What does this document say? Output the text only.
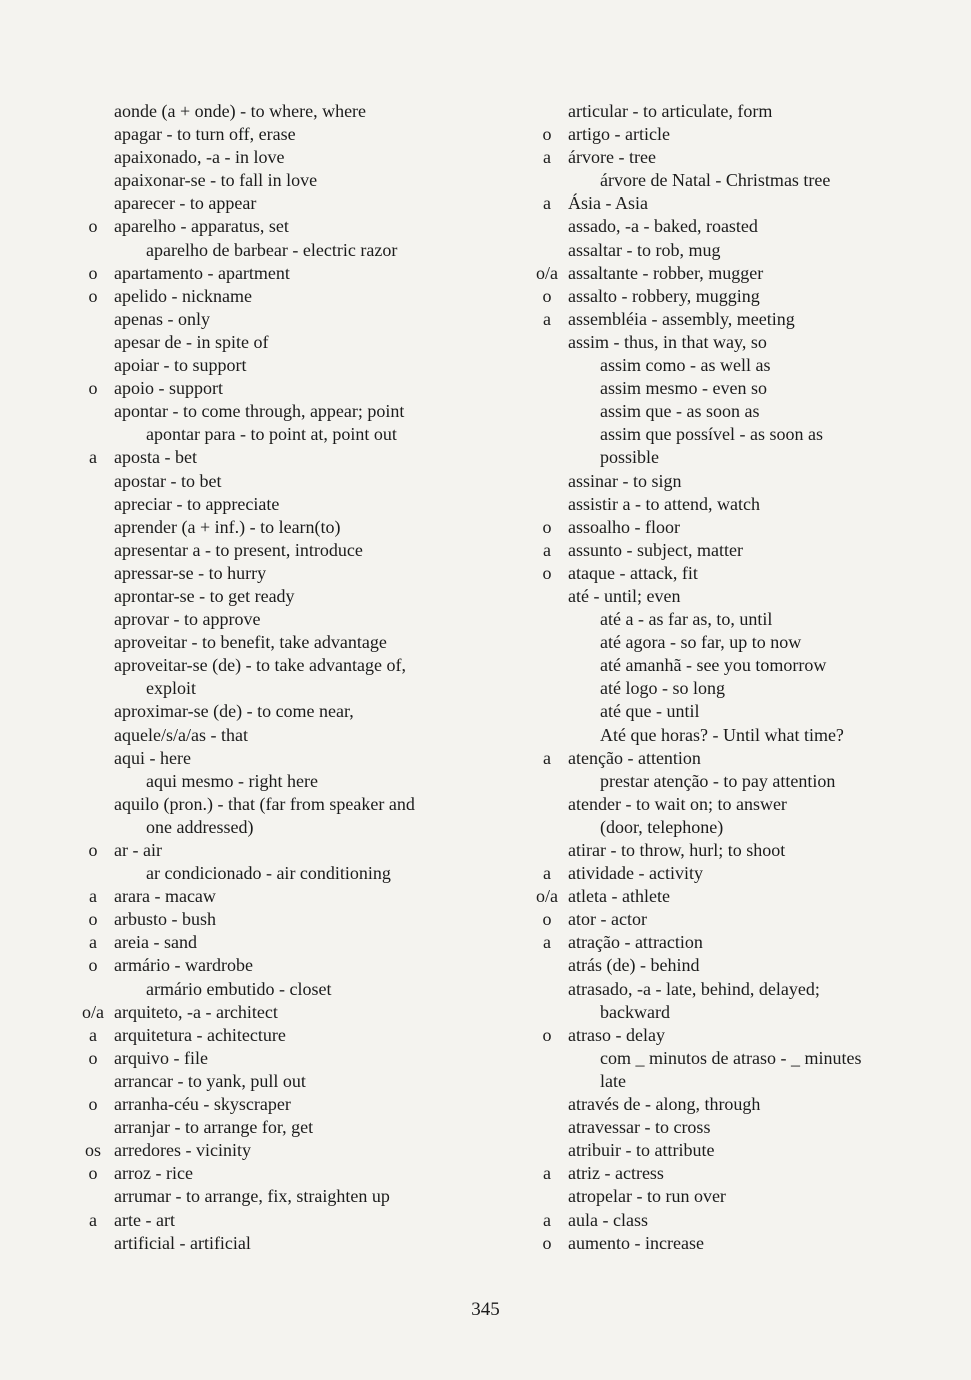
aonde (a + onde) - to where, where
apagar - to turn off, erase
apaixonado, -a - in love
apaixonar-se - to fall in love
aparecer - to appear
o aparelho - apparatus, set
aparelho de barbear - electric razor
o apartamento - apartment
o apelido - nickname
apenas - only
apesar de - in spite of
apoiar - to support
o apoio - support
apontar - to come through, appear; point
apontar para - to point at, point out
a aposta - bet
apostar - to bet
apreciar - to appreciate
aprender (a + inf.) - to learn(to)
apresentar a - to present, introduce
apressar-se - to hurry
aprontar-se - to get ready
aprovar - to approve
aproveitar - to benefit, take advantage
aproveitar-se (de) - to take advantage of,
exploit
aproximar-se (de) - to come near,
aquele/s/a/as - that
aqui - here
aqui mesmo - right here
aquilo (pron.) - that (far from speaker and
one addressed)
o ar - air
ar condicionado - air conditioning
a arara - macaw
o arbusto - bush
a areia - sand
o armário - wardrobe
armário embutido - closet
o/a arquiteto, -a - architect
a arquitetura - achitecture
o arquivo - file
arrancar - to yank, pull out
o arranha-céu - skyscraper
arranjar - to arrange for, get
os arredores - vicinity
o arroz - rice
arrumar - to arrange, fix, straighten up
a arte - art
artificial - artificial
articular - to articulate, form
o artigo - article
a árvore - tree
árvore de Natal - Christmas tree
a Ásia - Asia
assado, -a - baked, roasted
assaltar - to rob, mug
o/a assaltante - robber, mugger
o assalto - robbery, mugging
a assembléia - assembly, meeting
assim - thus, in that way, so
assim como - as well as
assim mesmo - even so
assim que - as soon as
assim que possível - as soon as
possible
assinar - to sign
assistir a - to attend, watch
o assoalho - floor
a assunto - subject, matter
o ataque - attack, fit
até - until; even
até a - as far as, to, until
até agora - so far, up to now
até amanhã - see you tomorrow
até logo - so long
até que - until
Até que horas? - Until what time?
a atenção - attention
prestar atenção - to pay attention
atender - to wait on; to answer
(door, telephone)
atirar - to throw, hurl; to shoot
a atividade - activity
o/a atleta - athlete
o ator - actor
a atração - attraction
atrás (de) - behind
atrasado, -a - late, behind, delayed;
backward
o atraso - delay
com _ minutos de atraso - _ minutes
late
através de - along, through
atravessar - to cross
atribuir - to attribute
a atriz - actress
atropelar - to run over
a aula - class
o aumento - increase
345
